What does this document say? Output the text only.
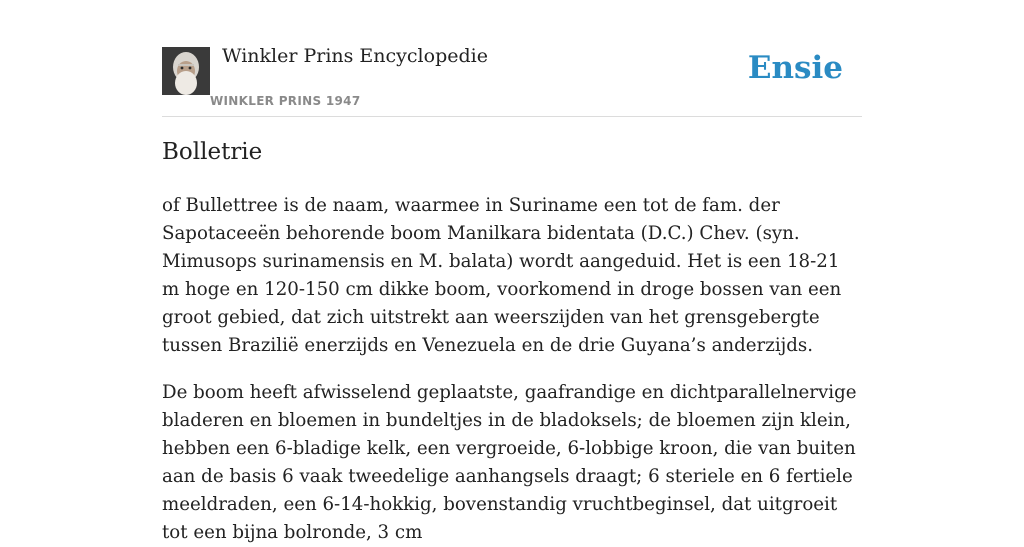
Winkler Prins Encyclopedie
WINKLER PRINS 1947
Ensie
Bolletrie

of Bullettree is de naam, waarmee in Suriname een tot de fam. der Sapotaceeën behorende boom Manilkara bidentata (D.C.) Chev. (syn. Mimusops surinamensis en M. balata) wordt aangeduid. Het is een 18-21 m hoge en 120-150 cm dikke boom, voorkomend in droge bossen van een groot gebied, dat zich uitstrekt aan weerszijden van het grensgebergte tussen Brazilië enerzijds en Venezuela en de drie Guyana’s anderzijds.

De boom heeft afwisselend geplaatste, gaafrandige en dichtparallelnervige bladeren en bloemen in bundeltjes in de bladoksels; de bloemen zijn klein, hebben een 6-bladige kelk, een vergroeide, 6-lobbige kroon, die van buiten aan de basis 6 vaak tweedelige aanhangsels draagt; 6 steriele en 6 fertiele meeldraden, een 6-14-hokkig, bovenstandig vruchtbeginsel, dat uitgroeit tot een bijna bolronde, 3 cm
